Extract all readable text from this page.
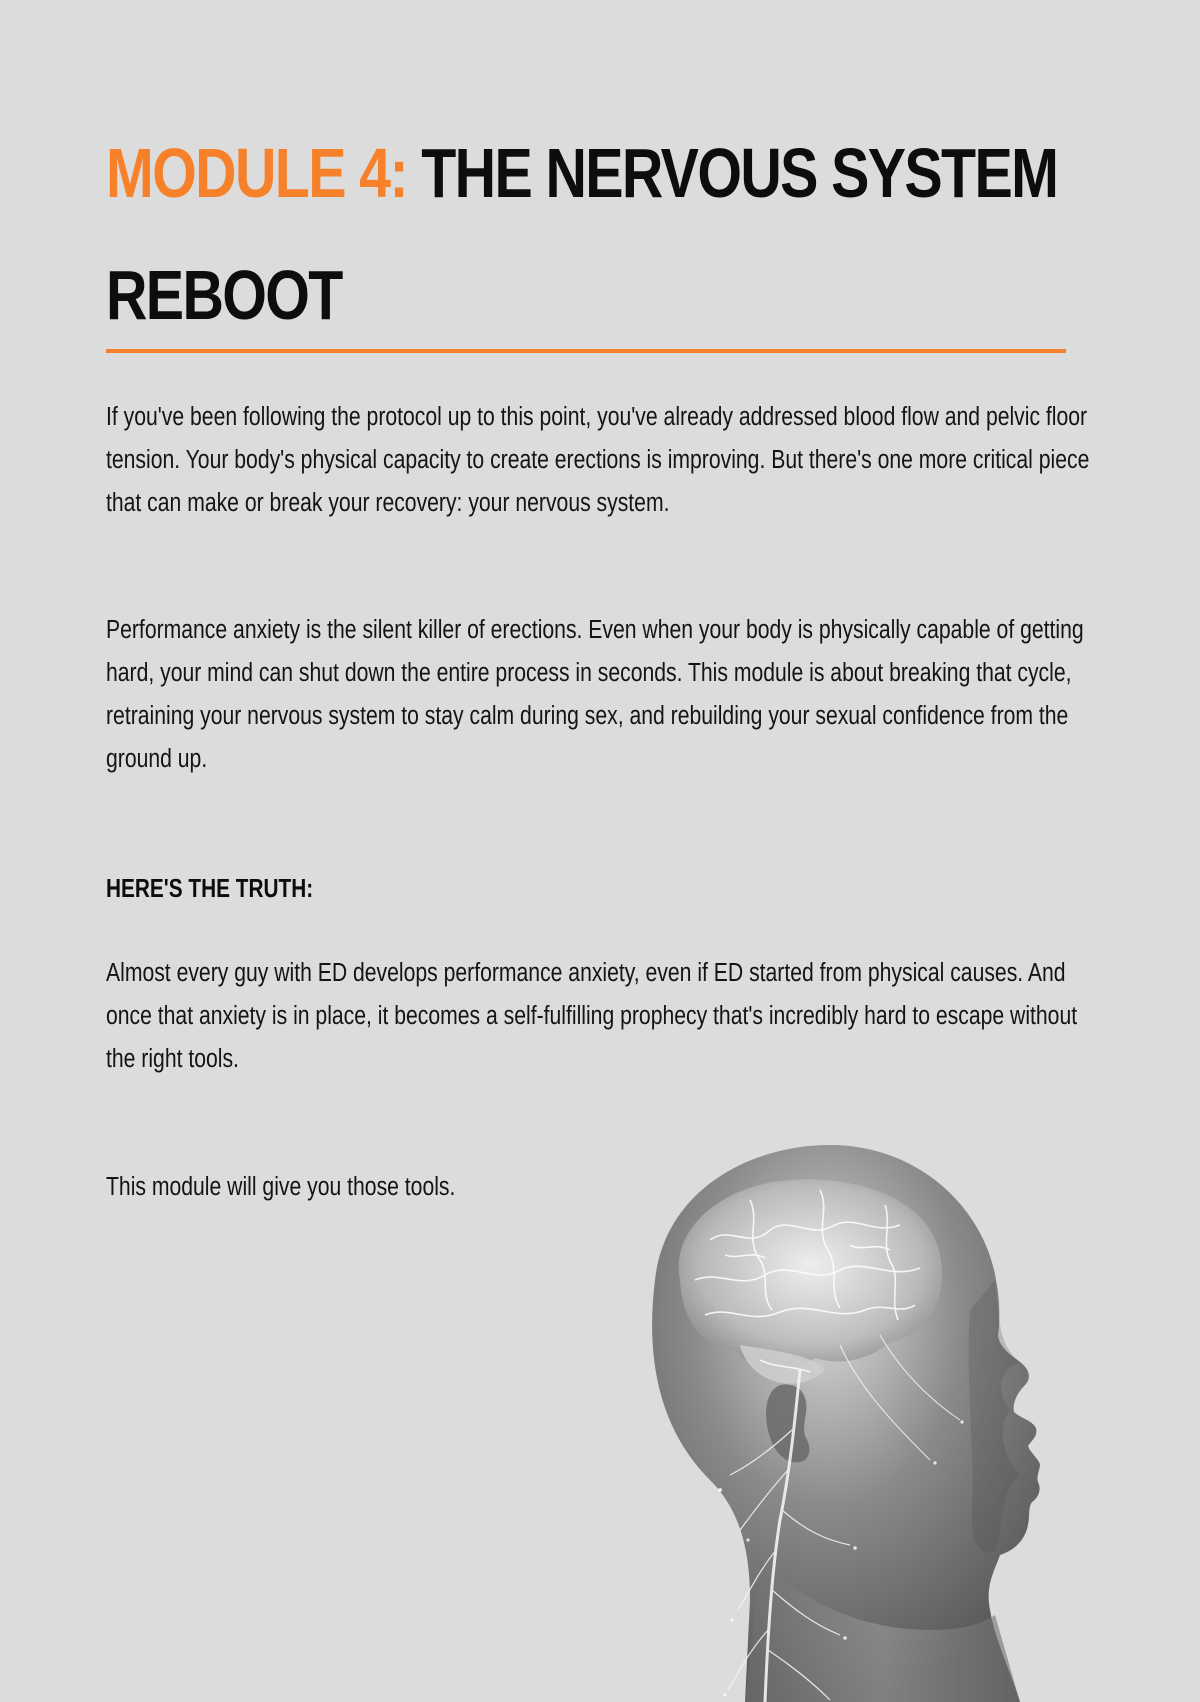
MODULE 4: THE NERVOUS SYSTEM REBOOT

If you've been following the protocol up to this point, you've already addressed blood flow and pelvic floor tension. Your body's physical capacity to create erections is improving. But there's one more critical piece that can make or break your recovery: your nervous system.

Performance anxiety is the silent killer of erections. Even when your body is physically capable of getting hard, your mind can shut down the entire process in seconds. This module is about breaking that cycle, retraining your nervous system to stay calm during sex, and rebuilding your sexual confidence from the ground up.

HERE'S THE TRUTH:

Almost every guy with ED develops performance anxiety, even if ED started from physical causes. And once that anxiety is in place, it becomes a self-fulfilling prophecy that's incredibly hard to escape without the right tools.

This module will give you those tools.
